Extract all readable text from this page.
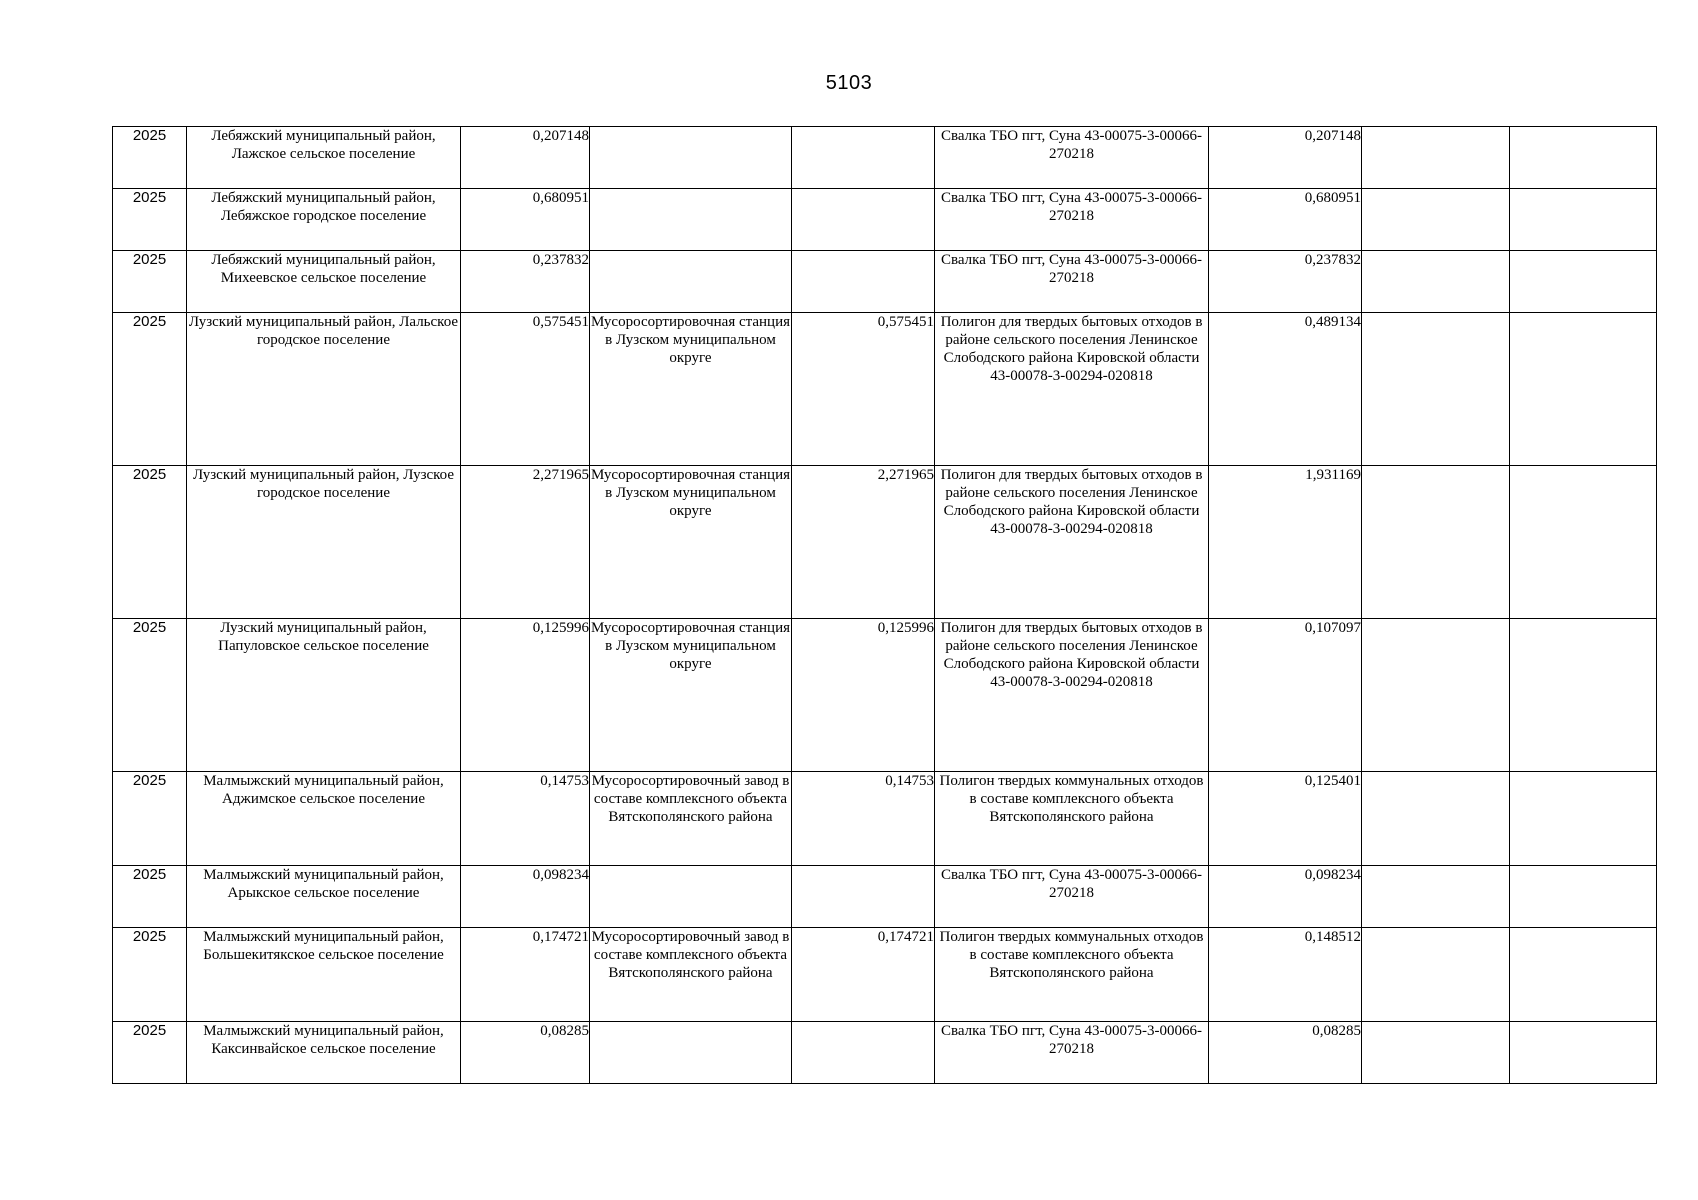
5103
2025	Лебяжский муниципальный район, Лажское сельское поселение	0,207148			Свалка ТБО пгт, Суна 43-00075-3-00066-270218	0,207148		
2025	Лебяжский муниципальный район, Лебяжское городское поселение	0,680951			Свалка ТБО пгт, Суна 43-00075-3-00066-270218	0,680951		
2025	Лебяжский муниципальный район, Михеевское сельское поселение	0,237832			Свалка ТБО пгт, Суна 43-00075-3-00066-270218	0,237832		
2025	Лузский муниципальный район, Лальское городское поселение	0,575451	Мусоросортировочная станция в Лузском муниципальном округе	0,575451	Полигон для твердых бытовых отходов в районе сельского поселения Ленинское Слободского района Кировской области 43-00078-3-00294-020818	0,489134		
2025	Лузский муниципальный район, Лузское городское поселение	2,271965	Мусоросортировочная станция в Лузском муниципальном округе	2,271965	Полигон для твердых бытовых отходов в районе сельского поселения Ленинское Слободского района Кировской области 43-00078-3-00294-020818	1,931169		
2025	Лузский муниципальный район, Папуловское сельское поселение	0,125996	Мусоросортировочная станция в Лузском муниципальном округе	0,125996	Полигон для твердых бытовых отходов в районе сельского поселения Ленинское Слободского района Кировской области 43-00078-3-00294-020818	0,107097		
2025	Малмыжский муниципальный район, Аджимское сельское поселение	0,14753	Мусоросортировочный завод в составе комплексного объекта Вятскополянского района	0,14753	Полигон твердых коммунальных отходов в составе комплексного объекта Вятскополянского района	0,125401		
2025	Малмыжский муниципальный район, Арыкское сельское поселение	0,098234			Свалка ТБО пгт, Суна 43-00075-3-00066-270218	0,098234		
2025	Малмыжский муниципальный район, Большекитякское сельское поселение	0,174721	Мусоросортировочный завод в составе комплексного объекта Вятскополянского района	0,174721	Полигон твердых коммунальных отходов в составе комплексного объекта Вятскополянского района	0,148512		
2025	Малмыжский муниципальный район, Каксинвайское сельское поселение	0,08285			Свалка ТБО пгт, Суна 43-00075-3-00066-270218	0,08285		
